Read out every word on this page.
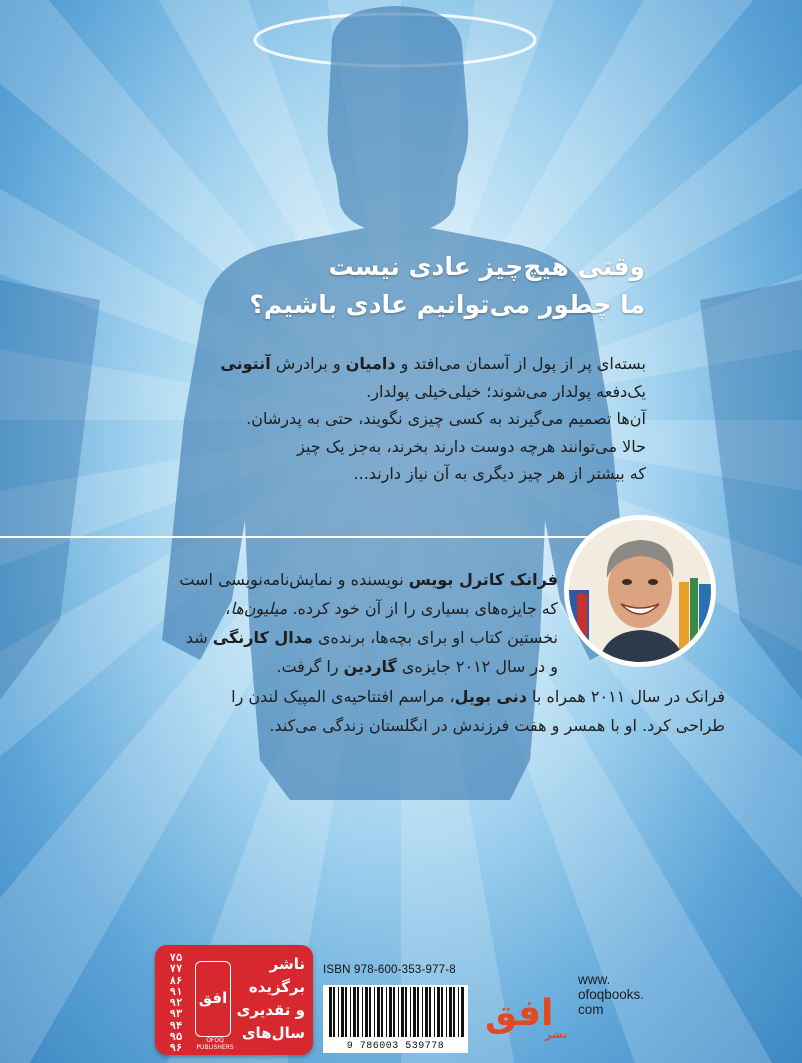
وقتی هیچ‌چیز عادی نیست
ما چطور می‌توانیم عادی باشیم؟
بسته‌ای پر از پول از آسمان می‌افتد و دامیان و برادرش آنتونی
یک‌دفعه پولدار می‌شوند؛ خیلی‌خیلی پولدار.
آن‌ها تصمیم می‌گیرند به کسی چیزی نگویند، حتی به پدرشان.
حالا می‌توانند هرچه دوست دارند بخرند، به‌جز یک چیز
که بیشتر از هر چیز دیگری به آن نیاز دارند...
فرانک کاترل بویس نویسنده و نمایش‌نامه‌نویسی است
که جایزه‌های بسیاری را از آن خود کرده. میلیون‌ها،
نخستین کتاب او برای بچه‌ها، برنده‌ی مدال کارنگی شد
و در سال ۲۰۱۲ جایزه‌ی گاردین را گرفت.
فرانک در سال ۲۰۱۱ همراه با دنی بویل، مراسم افتتاحیه‌ی المپیک لندن را
طراحی کرد. او با همسر و هفت فرزندش در انگلستان زندگی می‌کند.
۷۵
۷۷
۸۶
۹۱
۹۲
۹۳
۹۴
۹۵
۹۶
افق
OFOQ PUBLISHERS
ناشر
برگزیده
و تقدیری
سال‌های
ISBN 978-600-353-977-8
9 786003 539778
افق
نشر
www.
ofoqbooks.
com
